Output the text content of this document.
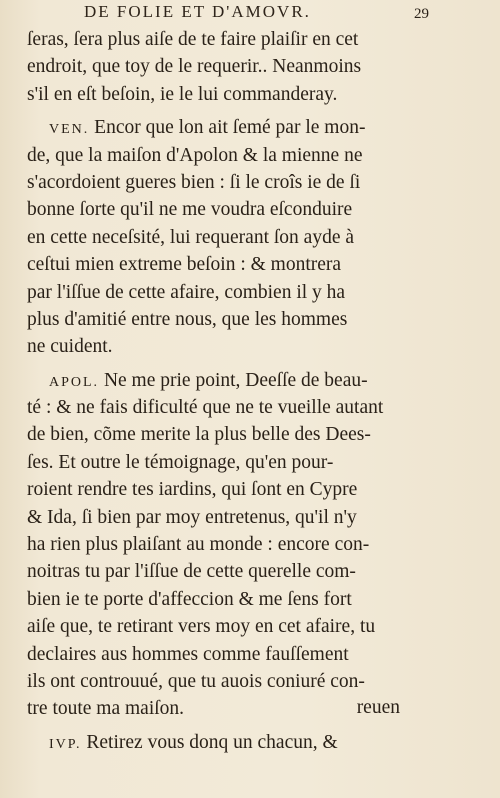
DE FOLIE ET D'AMOVR.	29
ſeras, ſera plus aiſe de te faire plaiſir en cet
endroit, que toy de le requerir.. Neanmoins
s'il en eſt beſoin, ie le lui commanderay.
VEN. Encor que lon ait ſemé par le mon-
de, que la maiſon d'Apolon & la mienne ne
s'acordoient gueres bien : ſi le croîs ie de ſi
bonne ſorte qu'il ne me voudra eſconduire
en cette neceſsité, lui requerant ſon ayde à
ceſtui mien extreme beſoin : & montrera
par l'iſſue de cette afaire, combien il y ha
plus d'amitié entre nous, que les hommes
ne cuident.
APOL. Ne me prie point, Deeſſe de beau-
té : & ne fais dificulté que ne te vueille autant
de bien, cõme merite la plus belle des Dees-
ſes. Et outre le témoignage, qu'en pour-
roient rendre tes iardins, qui ſont en Cypre
& Ida, ſi bien par moy entretenus, qu'il n'y
ha rien plus plaiſant au monde : encore con-
noitras tu par l'iſſue de cette querelle com-
bien ie te porte d'affeccion & me ſens fort
aiſe que, te retirant vers moy en cet afaire, tu
declaires aus hommes comme fauſſement
ils ont controuué, que tu auois coniuré con-
tre toute ma maiſon.
IVP. Retirez vous donq un chacun, &
reuen
